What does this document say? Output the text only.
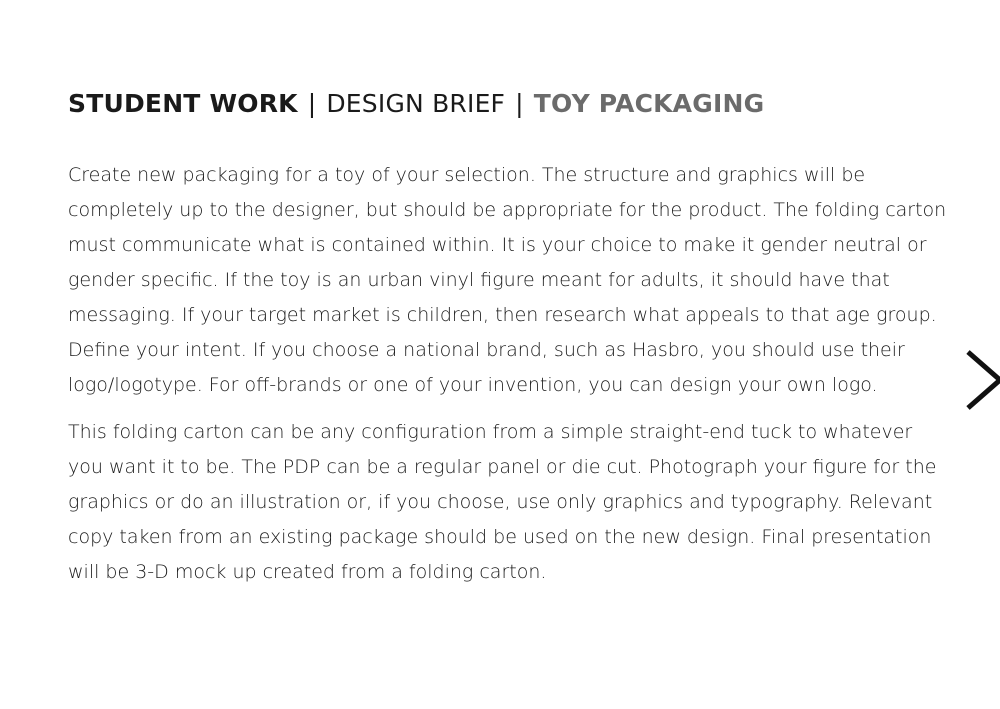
STUDENT WORK | DESIGN BRIEF | TOY PACKAGING

Create new packaging for a toy of your selection. The structure and graphics will be completely up to the designer, but should be appropriate for the product. The folding carton must communicate what is contained within. It is your choice to make it gender neutral or gender specific. If the toy is an urban vinyl figure meant for adults, it should have that messaging. If your target market is children, then research what appeals to that age group. Define your intent. If you choose a national brand, such as Hasbro, you should use their logo/logotype. For off-brands or one of your invention, you can design your own logo.

This folding carton can be any configuration from a simple straight-end tuck to whatever you want it to be. The PDP can be a regular panel or die cut. Photograph your figure for the graphics or do an illustration or, if you choose, use only graphics and typography. Relevant copy taken from an existing package should be used on the new design. Final presentation will be 3-D mock up created from a folding carton.
